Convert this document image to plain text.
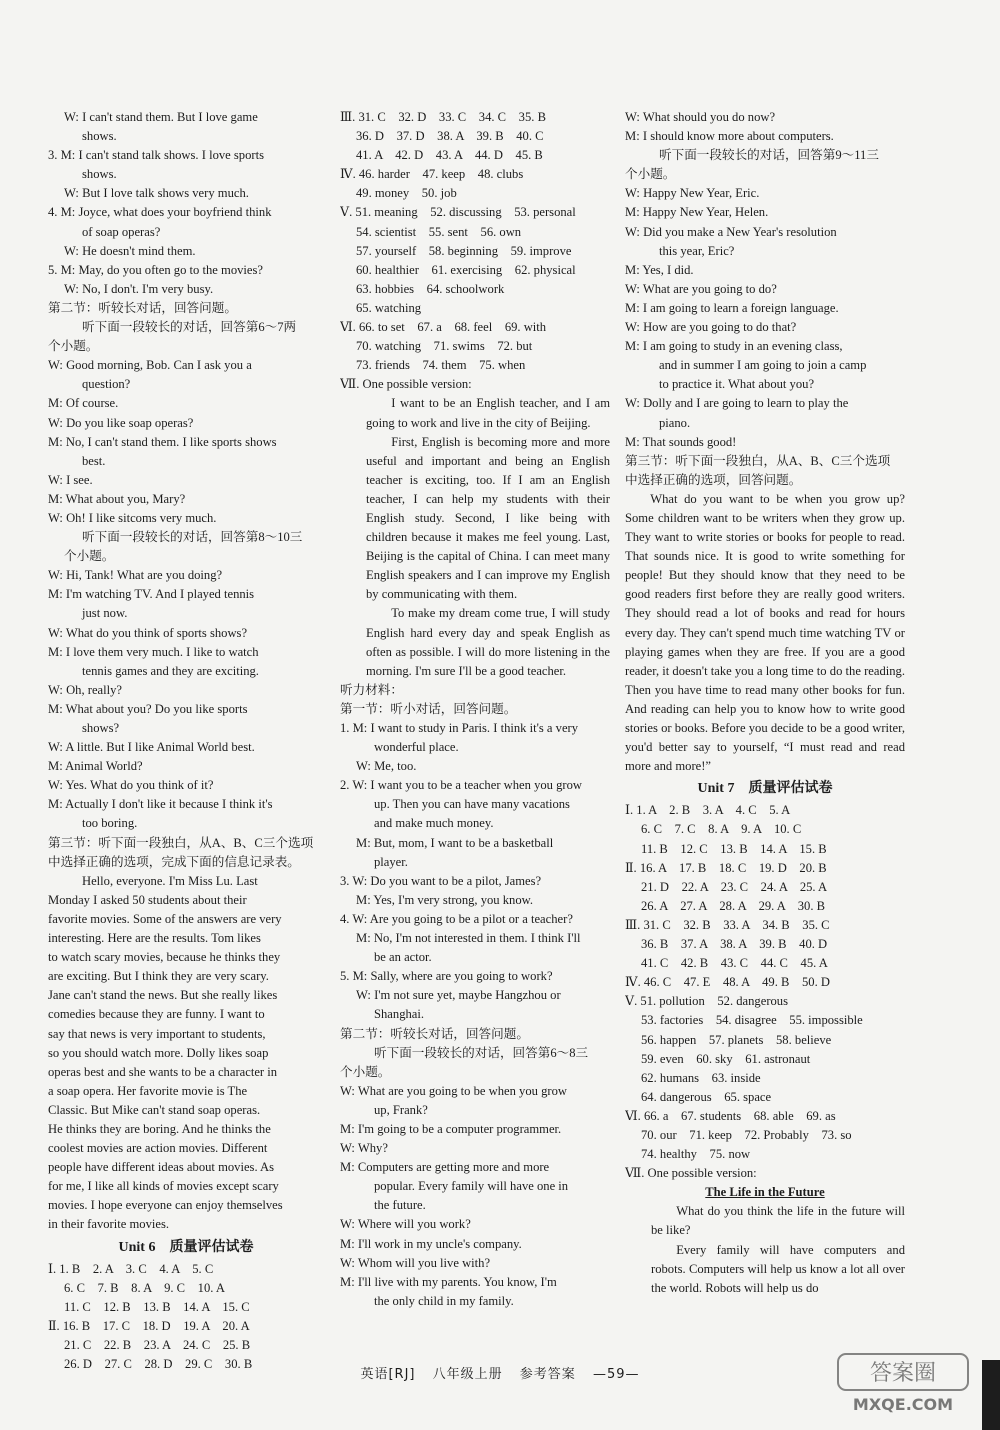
W: I can't stand them. But I love game
shows.
3. M: I can't stand talk shows. I love sports
shows.
W: But I love talk shows very much.
4. M: Joyce, what does your boyfriend think
of soap operas?
W: He doesn't mind them.
5. M: May, do you often go to the movies?
W: No, I don't. I'm very busy.
第二节：听较长对话，回答问题。
听下面一段较长的对话，回答第6～7两
个小题。
W: Good morning, Bob. Can I ask you a
question?
M: Of course.
W: Do you like soap operas?
M: No, I can't stand them. I like sports shows
best.
W: I see.
M: What about you, Mary?
W: Oh! I like sitcoms very much.
听下面一段较长的对话，回答第8～10三
个小题。
W: Hi, Tank! What are you doing?
M: I'm watching TV. And I played tennis
just now.
W: What do you think of sports shows?
M: I love them very much. I like to watch
tennis games and they are exciting.
W: Oh, really?
M: What about you? Do you like sports
shows?
W: A little. But I like Animal World best.
M: Animal World?
W: Yes. What do you think of it?
M: Actually I don't like it because I think it's
too boring.
第三节：听下面一段独白，从A、B、C三个选项
中选择正确的选项，完成下面的信息记录表。
Hello, everyone. I'm Miss Lu. Last
Monday I asked 50 students about their
favorite movies. Some of the answers are very
interesting. Here are the results. Tom likes
to watch scary movies, because he thinks they
are exciting. But I think they are very scary.
Jane can't stand the news. But she really likes
comedies because they are funny. I want to
say that news is very important to students,
so you should watch more. Dolly likes soap
operas best and she wants to be a character in
a soap opera. Her favorite movie is The
Classic. But Mike can't stand soap operas.
He thinks they are boring. And he thinks the
coolest movies are action movies. Different
people have different ideas about movies. As
for me, I like all kinds of movies except scary
movies. I hope everyone can enjoy themselves
in their favorite movies.
Unit 6　质量评估试卷
Ⅰ. 1. B　2. A　3. C　4. A　5. C
6. C　7. B　8. A　9. C　10. A
11. C　12. B　13. B　14. A　15. C
Ⅱ. 16. B　17. C　18. D　19. A　20. A
21. C　22. B　23. A　24. C　25. B
26. D　27. C　28. D　29. C　30. B
Ⅲ. 31. C　32. D　33. C　34. C　35. B
36. D　37. D　38. A　39. B　40. C
41. A　42. D　43. A　44. D　45. B
Ⅳ. 46. harder　47. keep　48. clubs
49. money　50. job
Ⅴ. 51. meaning　52. discussing　53. personal
54. scientist　55. sent　56. own
57. yourself　58. beginning　59. improve
60. healthier　61. exercising　62. physical
63. hobbies　64. schoolwork
65. watching
Ⅵ. 66. to set　67. a　68. feel　69. with
70. watching　71. swims　72. but
73. friends　74. them　75. when
Ⅶ. One possible version:
I want to be an English teacher, and I am going to work and live in the city of Beijing.
First, English is becoming more and more useful and important and being an English teacher is exciting, too. If I am an English teacher, I can help my students with their English study. Second, I like being with children because it makes me feel young. Last, Beijing is the capital of China. I can meet many English speakers and I can improve my English by communicating with them.
To make my dream come true, I will study English hard every day and speak English as often as possible. I will do more listening in the morning. I'm sure I'll be a good teacher.
听力材料：
第一节：听小对话，回答问题。
1. M: I want to study in Paris. I think it's a very
wonderful place.
W: Me, too.
2. W: I want you to be a teacher when you grow
up. Then you can have many vacations
and make much money.
M: But, mom, I want to be a basketball
player.
3. W: Do you want to be a pilot, James?
M: Yes, I'm very strong, you know.
4. W: Are you going to be a pilot or a teacher?
M: No, I'm not interested in them. I think I'll
be an actor.
5. M: Sally, where are you going to work?
W: I'm not sure yet, maybe Hangzhou or
Shanghai.
第二节：听较长对话，回答问题。
听下面一段较长的对话，回答第6～8三
个小题。
W: What are you going to be when you grow
up, Frank?
M: I'm going to be a computer programmer.
W: Why?
M: Computers are getting more and more
popular. Every family will have one in
the future.
W: Where will you work?
M: I'll work in my uncle's company.
W: Whom will you live with?
M: I'll live with my parents. You know, I'm
the only child in my family.
W: What should you do now?
M: I should know more about computers.
听下面一段较长的对话，回答第9～11三
个小题。
W: Happy New Year, Eric.
M: Happy New Year, Helen.
W: Did you make a New Year's resolution
this year, Eric?
M: Yes, I did.
W: What are you going to do?
M: I am going to learn a foreign language.
W: How are you going to do that?
M: I am going to study in an evening class,
and in summer I am going to join a camp
to practice it. What about you?
W: Dolly and I are going to learn to play the
piano.
M: That sounds good!
第三节：听下面一段独白，从A、B、C三个选项
中选择正确的选项，回答问题。
What do you want to be when you grow up? Some children want to be writers when they grow up. They want to write stories or books for people to read. That sounds nice. It is good to write something for people! But they should know that they need to be good readers first before they are really good writers. They should read a lot of books and read for hours every day. They can't spend much time watching TV or playing games when they are free. If you are a good reader, it doesn't take you a long time to do the reading. Then you have time to read many other books for fun. And reading can help you to know how to write good stories or books. Before you decide to be a good writer, you'd better say to yourself, “I must read and read more and more!”
Unit 7　质量评估试卷
Ⅰ. 1. A　2. B　3. A　4. C　5. A
6. C　7. C　8. A　9. A　10. C
11. B　12. C　13. B　14. A　15. B
Ⅱ. 16. A　17. B　18. C　19. D　20. B
21. D　22. A　23. C　24. A　25. A
26. A　27. A　28. A　29. A　30. B
Ⅲ. 31. C　32. B　33. A　34. B　35. C
36. B　37. A　38. A　39. B　40. D
41. C　42. B　43. C　44. C　45. A
Ⅳ. 46. C　47. E　48. A　49. B　50. D
Ⅴ. 51. pollution　52. dangerous
53. factories　54. disagree　55. impossible
56. happen　57. planets　58. believe
59. even　60. sky　61. astronaut
62. humans　63. inside
64. dangerous　65. space
Ⅵ. 66. a　67. students　68. able　69. as
70. our　71. keep　72. Probably　73. so
74. healthy　75. now
Ⅶ. One possible version:
The Life in the Future
What do you think the life in the future will be like?
Every family will have computers and robots. Computers will help us know a lot all over the world. Robots will help us do
英语[RJ] 八年级上册 参考答案 —59—	答案圈
MXQE.COM
